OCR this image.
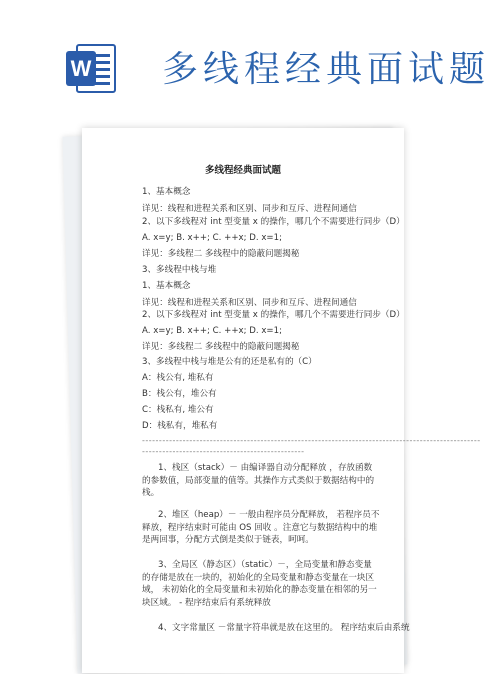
W 多线程经典面试题
多线程经典面试题
1、基本概念
详见：线程和进程关系和区别、同步和互斥、进程间通信
2、以下多线程对 int 型变量 x 的操作，哪几个不需要进行同步（D）
A. x=y; B. x++; C. ++x; D. x=1;
详见：多线程二 多线程中的隐蔽问题揭秘
3、多线程中栈与堆
1、基本概念
详见：线程和进程关系和区别、同步和互斥、进程间通信
2、以下多线程对 int 型变量 x 的操作，哪几个不需要进行同步（D）
A. x=y; B. x++; C. ++x; D. x=1;
详见：多线程二 多线程中的隐蔽问题揭秘
3、多线程中栈与堆是公有的还是私有的（C）
A：栈公有, 堆私有
B：栈公有，堆公有
C：栈私有, 堆公有
D：栈私有，堆私有
----------------------------------------------------------------------------------------------------
------------------------------------------------
1、栈区（stack）－ 由编译器自动分配释放 ，存放函数的参数值，局部变量的值等。其操作方式类似于数据结构中的栈。
2、堆区（heap）－ 一般由程序员分配释放， 若程序员不释放，程序结束时可能由 OS 回收 。注意它与数据结构中的堆是两回事，分配方式倒是类似于链表，呵呵。
3、全局区（静态区）（static）－，全局变量和静态变量的存储是放在一块的，初始化的全局变量和静态变量在一块区域， 未初始化的全局变量和未初始化的静态变量在相邻的另一块区域。 - 程序结束后有系统释放
4、文字常量区 －常量字符串就是放在这里的。 程序结束后由系统
